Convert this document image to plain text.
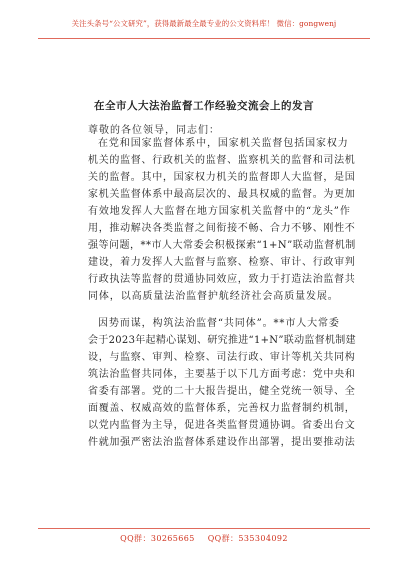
关注头条号“公文研究”，获得最新最全最专业的公文资料库！ 微信：gongwenj
在全市人大法治监督工作经验交流会上的发言
尊敬的各位领导，同志们：
在党和国家监督体系中，国家机关监督包括国家权力
机关的监督、行政机关的监督、监察机关的监督和司法机
关的监督。其中，国家权力机关的监督即人大监督，是国
家机关监督体系中最高层次的、最具权威的监督。为更加
有效地发挥人大监督在地方国家机关监督中的“龙头”作
用，推动解决各类监督之间衔接不畅、合力不够、刚性不
强等问题，**市人大常委会积极探索“1+N”联动监督机制
建设，着力发挥人大监督与监察、检察、审计、行政审判
行政执法等监督的贯通协同效应，致力于打造法治监督共
同体，以高质量法治监督护航经济社会高质量发展。
因势而谋，构筑法治监督“共同体”。**市人大常委
会于2023年起精心谋划、研究推进“1+N”联动监督机制建
设，与监察、审判、检察、司法行政、审计等机关共同构
筑法治监督共同体，主要基于以下几方面考虑：党中央和
省委有部署。党的二十大报告提出，健全党统一领导、全
面覆盖、权威高效的监督体系，完善权力监督制约机制，
以党内监督为主导，促进各类监督贯通协调。省委出台文
件就加强严密法治监督体系建设作出部署，提出要推动法
QQ群：30265665 QQ群：535304092
